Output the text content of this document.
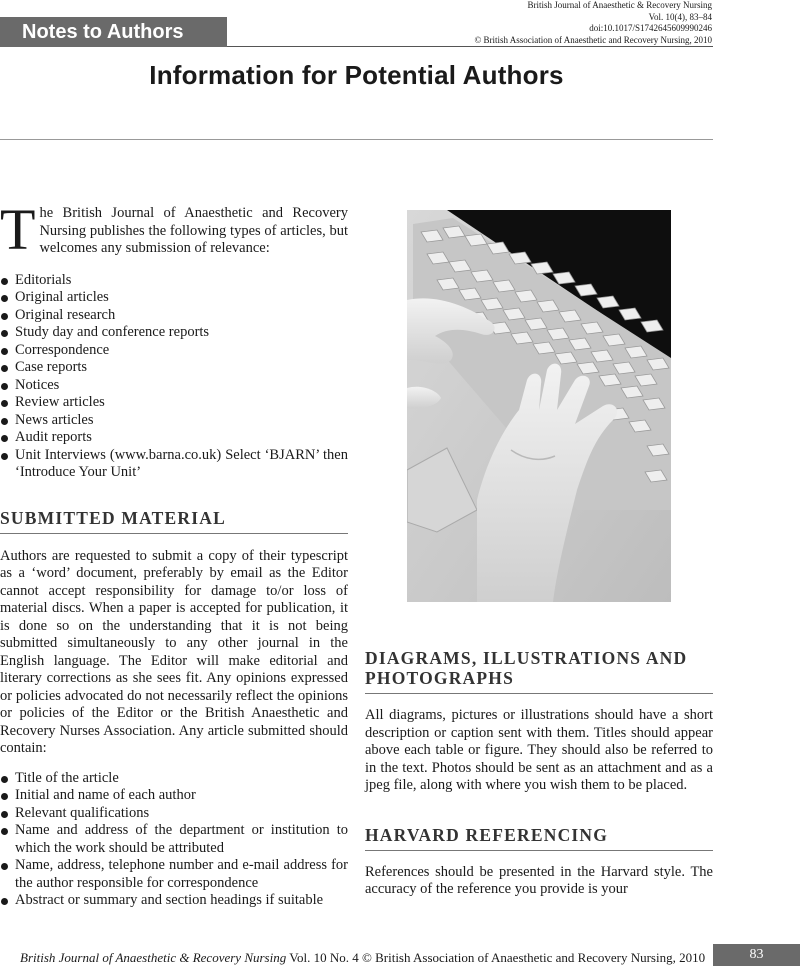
Notes to Authors
British Journal of Anaesthetic & Recovery Nursing
Vol. 10(4), 83–84
doi:10.1017/S1742645609990246
© British Association of Anaesthetic and Recovery Nursing, 2010
Information for Potential Authors

The British Journal of Anaesthetic and Recovery Nursing publishes the following types of articles, but welcomes any submission of relevance:

Editorials
Original articles
Original research
Study day and conference reports
Correspondence
Case reports
Notices
Review articles
News articles
Audit reports
Unit Interviews (www.barna.co.uk) Select ‘BJARN’ then ‘Introduce Your Unit’
SUBMITTED MATERIAL

Authors are requested to submit a copy of their typescript as a ‘word’ document, preferably by email as the Editor cannot accept responsibility for damage to/or loss of material discs. When a paper is accepted for publication, it is done so on the understanding that it is not being submitted simultaneously to any other journal in the English language. The Editor will make editorial and literary corrections as she sees fit. Any opinions expressed or policies advocated do not necessarily reflect the opinions or policies of the Editor or the British Anaesthetic and Recovery Nurses Association. Any article submitted should contain:

Title of the article
Initial and name of each author
Relevant qualifications
Name and address of the department or institution to which the work should be attributed
Name, address, telephone number and e-mail address for the author responsible for correspondence
Abstract or summary and section headings if suitable
DIAGRAMS, ILLUSTRATIONS AND PHOTOGRAPHS

All diagrams, pictures or illustrations should have a short description or caption sent with them. Titles should appear above each table or figure. They should also be referred to in the text. Photos should be sent as an attachment and as a jpeg file, along with where you wish them to be placed.

HARVARD REFERENCING

References should be presented in the Harvard style. The accuracy of the reference you provide is your

British Journal of Anaesthetic & Recovery Nursing Vol. 10 No. 4 © British Association of Anaesthetic and Recovery Nursing, 2010	83
